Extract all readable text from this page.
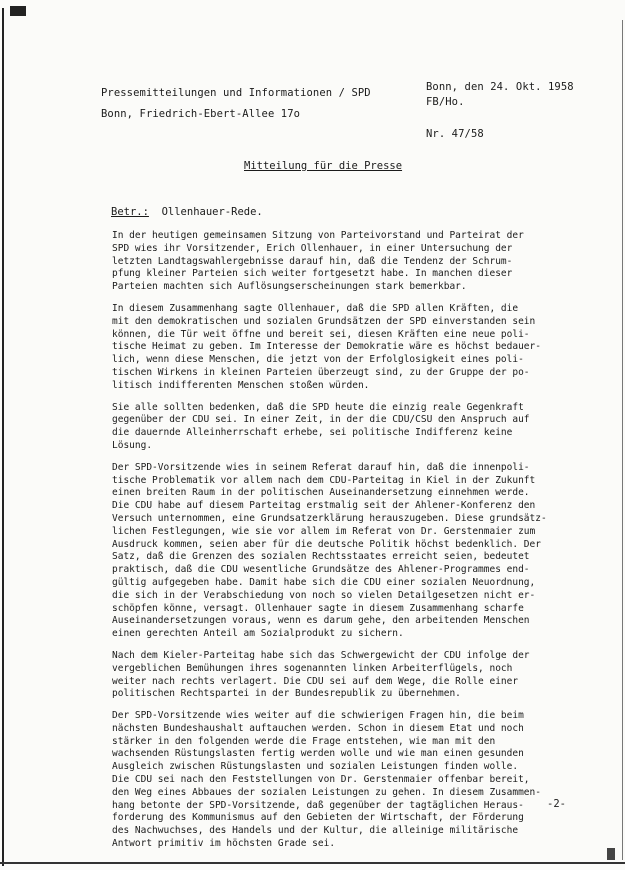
Pressemitteilungen und Informationen / SPD
Bonn, Friedrich-Ebert-Allee 17o
Bonn, den 24. Okt. 1958
FB/Ho.
Nr. 47/58
Mitteilung für die Presse
Betr.: Ollenhauer-Rede.
In der heutigen gemeinsamen Sitzung von Parteivorstand und Parteirat der
SPD wies ihr Vorsitzender, Erich Ollenhauer, in einer Untersuchung der
letzten Landtagswahlergebnisse darauf hin, daß die Tendenz der Schrum-
pfung kleiner Parteien sich weiter fortgesetzt habe. In manchen dieser
Parteien machten sich Auflösungserscheinungen stark bemerkbar.
In diesem Zusammenhang sagte Ollenhauer, daß die SPD allen Kräften, die
mit den demokratischen und sozialen Grundsätzen der SPD einverstanden sein
können, die Tür weit öffne und bereit sei, diesen Kräften eine neue poli-
tische Heimat zu geben. Im Interesse der Demokratie wäre es höchst bedauer-
lich, wenn diese Menschen, die jetzt von der Erfolglosigkeit eines poli-
tischen Wirkens in kleinen Parteien überzeugt sind, zu der Gruppe der po-
litisch indifferenten Menschen stoßen würden.
Sie alle sollten bedenken, daß die SPD heute die einzig reale Gegenkraft
gegenüber der CDU sei. In einer Zeit, in der die CDU/CSU den Anspruch auf
die dauernde Alleinherrschaft erhebe, sei politische Indifferenz keine
Lösung.
Der SPD-Vorsitzende wies in seinem Referat darauf hin, daß die innenpoli-
tische Problematik vor allem nach dem CDU-Parteitag in Kiel in der Zukunft
einen breiten Raum in der politischen Auseinandersetzung einnehmen werde.
Die CDU habe auf diesem Parteitag erstmalig seit der Ahlener-Konferenz den
Versuch unternommen, eine Grundsatzerklärung herauszugeben. Diese grundsätz-
lichen Festlegungen, wie sie vor allem im Referat von Dr. Gerstenmaier zum
Ausdruck kommen, seien aber für die deutsche Politik höchst bedenklich. Der
Satz, daß die Grenzen des sozialen Rechtsstaates erreicht seien, bedeutet
praktisch, daß die CDU wesentliche Grundsätze des Ahlener-Programmes end-
gültig aufgegeben habe. Damit habe sich die CDU einer sozialen Neuordnung,
die sich in der Verabschiedung von noch so vielen Detailgesetzen nicht er-
schöpfen könne, versagt. Ollenhauer sagte in diesem Zusammenhang scharfe
Auseinandersetzungen voraus, wenn es darum gehe, den arbeitenden Menschen
einen gerechten Anteil am Sozialprodukt zu sichern.
Nach dem Kieler-Parteitag habe sich das Schwergewicht der CDU infolge der
vergeblichen Bemühungen ihres sogenannten linken Arbeiterflügels, noch
weiter nach rechts verlagert. Die CDU sei auf dem Wege, die Rolle einer
politischen Rechtspartei in der Bundesrepublik zu übernehmen.
Der SPD-Vorsitzende wies weiter auf die schwierigen Fragen hin, die beim
nächsten Bundeshaushalt auftauchen werden. Schon in diesem Etat und noch
stärker in den folgenden werde die Frage entstehen, wie man mit den
wachsenden Rüstungslasten fertig werden wolle und wie man einen gesunden
Ausgleich zwischen Rüstungslasten und sozialen Leistungen finden wolle.
Die CDU sei nach den Feststellungen von Dr. Gerstenmaier offenbar bereit,
den Weg eines Abbaues der sozialen Leistungen zu gehen. In diesem Zusammen-
hang betonte der SPD-Vorsitzende, daß gegenüber der tagtäglichen Heraus-
forderung des Kommunismus auf den Gebieten der Wirtschaft, der Förderung
des Nachwuchses, des Handels und der Kultur, die alleinige militärische
Antwort primitiv im höchsten Grade sei.
-2-
